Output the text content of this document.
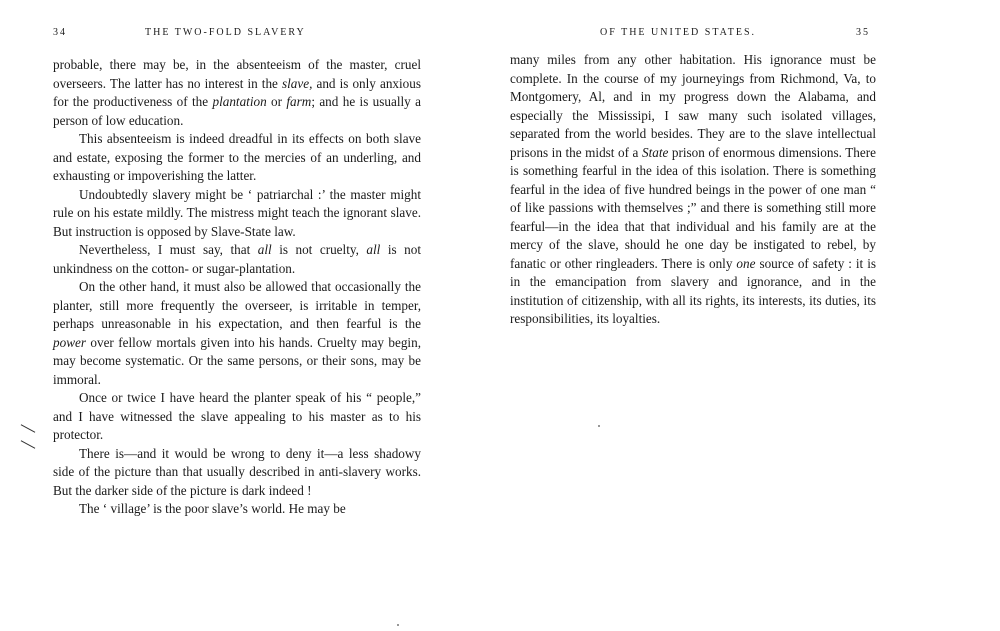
34	THE TWO-FOLD SLAVERY

probable, there may be, in the absenteeism of the master, cruel overseers. The latter has no interest in the slave, and is only anxious for the productiveness of the plantation or farm; and he is usually a person of low education.

This absenteeism is indeed dreadful in its effects on both slave and estate, exposing the former to the mercies of an underling, and exhausting or impoverishing the latter.

Undoubtedly slavery might be ‘ patriarchal :’ the master might rule on his estate mildly. The mistress might teach the ignorant slave. But instruction is opposed by Slave-State law.

Nevertheless, I must say, that all is not cruelty, all is not unkindness on the cotton- or sugar-plantation.

On the other hand, it must also be allowed that occasionally the planter, still more frequently the overseer, is irritable in temper, perhaps unreasonable in his expectation, and then fearful is the power over fellow mortals given into his hands. Cruelty may begin, may become systematic. Or the same persons, or their sons, may be immoral.

Once or twice I have heard the planter speak of his “ people,” and I have witnessed the slave appealing to his master as to his protector.

There is—and it would be wrong to deny it—a less shadowy side of the picture than that usually described in anti-slavery works. But the darker side of the picture is dark indeed !

The ‘ village’ is the poor slave’s world. He may be

OF THE UNITED STATES.	35

many miles from any other habitation. His ignorance must be complete. In the course of my journeyings from Richmond, Va, to Montgomery, Al, and in my progress down the Alabama, and especially the Mississipi, I saw many such isolated villages, separated from the world besides. They are to the slave intellectual prisons in the midst of a State prison of enormous dimensions. There is something fearful in the idea of this isolation. There is something fearful in the idea of five hundred beings in the power of one man “ of like passions with themselves ;” and there is something still more fearful—in the idea that that individual and his family are at the mercy of the slave, should he one day be instigated to rebel, by fanatic or other ringleaders. There is only one source of safety : it is in the emancipation from slavery and ignorance, and in the institution of citizenship, with all its rights, its interests, its duties, its responsibilities, its loyalties.
